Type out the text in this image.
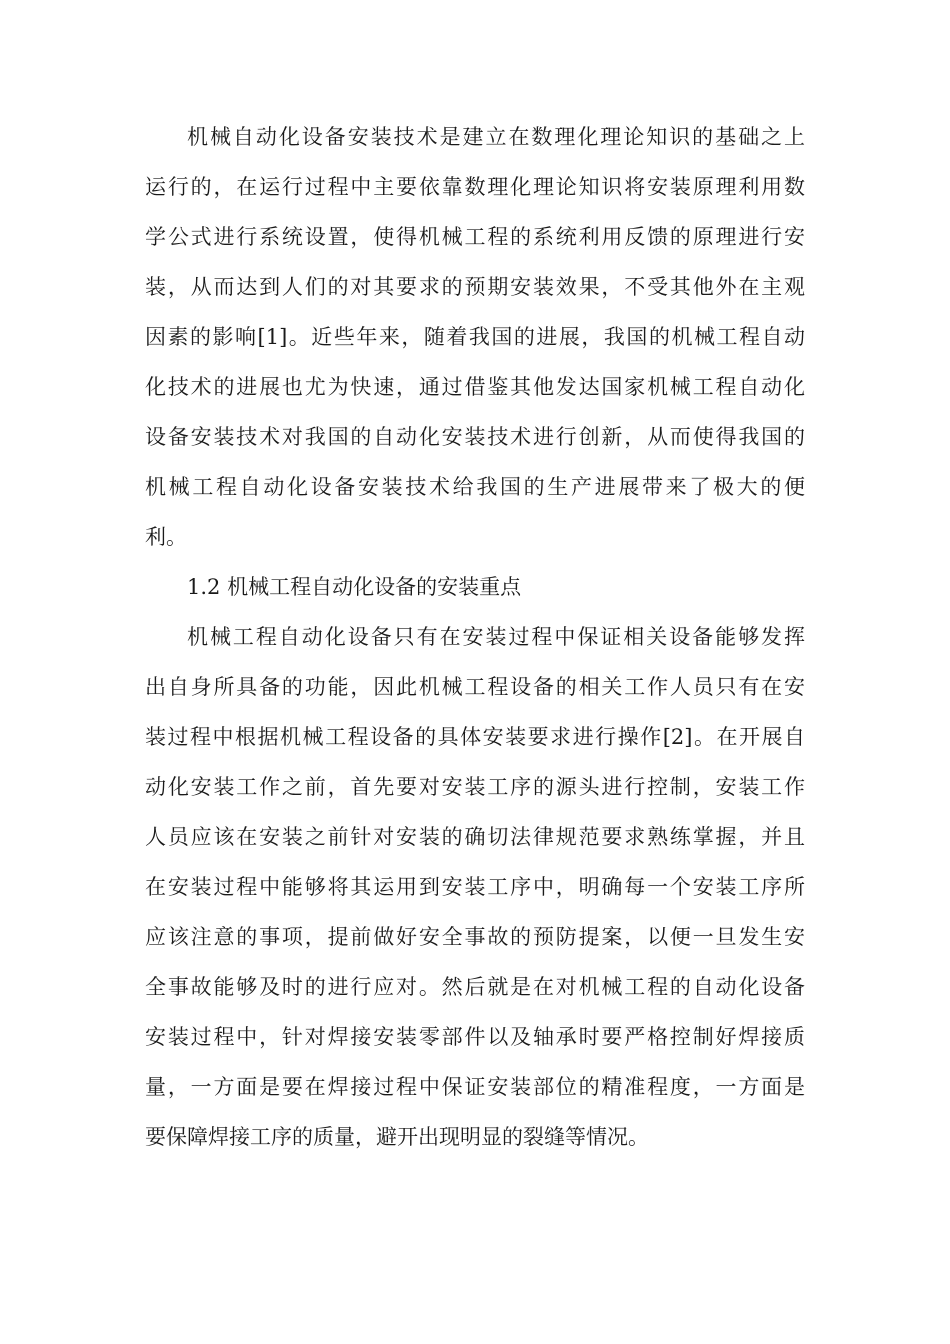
机械自动化设备安装技术是建立在数理化理论知识的基础之上
运行的，在运行过程中主要依靠数理化理论知识将安装原理利用数
学公式进行系统设置，使得机械工程的系统利用反馈的原理进行安
装，从而达到人们的对其要求的预期安装效果，不受其他外在主观
因素的影响[1]。近些年来，随着我国的进展，我国的机械工程自动
化技术的进展也尤为快速，通过借鉴其他发达国家机械工程自动化
设备安装技术对我国的自动化安装技术进行创新，从而使得我国的
机械工程自动化设备安装技术给我国的生产进展带来了极大的便
利。
1.2 机械工程自动化设备的安装重点
机械工程自动化设备只有在安装过程中保证相关设备能够发挥
出自身所具备的功能，因此机械工程设备的相关工作人员只有在安
装过程中根据机械工程设备的具体安装要求进行操作[2]。在开展自
动化安装工作之前，首先要对安装工序的源头进行控制，安装工作
人员应该在安装之前针对安装的确切法律规范要求熟练掌握，并且
在安装过程中能够将其运用到安装工序中，明确每一个安装工序所
应该注意的事项，提前做好安全事故的预防提案，以便一旦发生安
全事故能够及时的进行应对。然后就是在对机械工程的自动化设备
安装过程中，针对焊接安装零部件以及轴承时要严格控制好焊接质
量，一方面是要在焊接过程中保证安装部位的精准程度，一方面是
要保障焊接工序的质量，避开出现明显的裂缝等情况。
